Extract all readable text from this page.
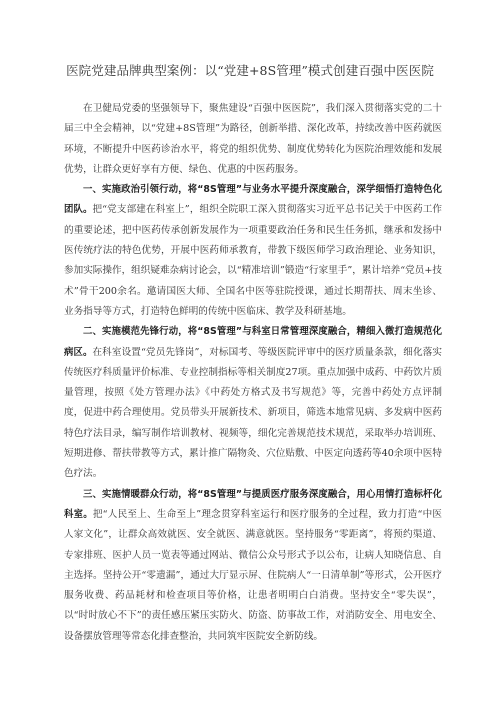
医院党建品牌典型案例：以“党建+8S管理”模式创建百强中医医院

在卫健局党委的坚强领导下，聚焦建设“百强中医医院”，我们深入贯彻落实党的二十届三中全会精神，以“党建+8S管理”为路径，创新举措、深化改革，持续改善中医药就医环境，不断提升中医药诊治水平，将党的组织优势、制度优势转化为医院治理效能和发展优势，让群众更好享有方便、绿色、优惠的中医药服务。

一、实施政治引领行动，将“8S管理”与业务水平提升深度融合，深学细悟打造特色化团队。把“党支部建在科室上”，组织全院职工深入贯彻落实习近平总书记关于中医药工作的重要论述，把中医药传承创新发展作为一项重要政治任务和民生任务抓，继承和发扬中医传统疗法的特色优势，开展中医药师承教育，带教下级医师学习政治理论、业务知识，参加实际操作，组织疑难杂病讨论会，以“精准培训”锻造“行家里手”，累计培养“党员+技术”骨干200余名。邀请国医大师、全国名中医等驻院授课，通过长期帮扶、周末坐诊、业务指导等方式，打造特色鲜明的传统中医临床、教学及科研基地。

二、实施模范先锋行动，将“8S管理”与科室日常管理深度融合，精细入微打造规范化病区。在科室设置“党员先锋岗”，对标国考、等级医院评审中的医疗质量条款，细化落实传统医疗科质量评价标准、专业控制指标等相关制度27项。重点加强中成药、中药饮片质量管理，按照《处方管理办法》《中药处方格式及书写规范》等，完善中药处方点评制度，促进中药合理使用。党员带头开展新技术、新项目，筛选本地常见病、多发病中医药特色疗法目录，编写制作培训教材、视频等，细化完善规范技术规范，采取举办培训班、短期进修、帮扶带教等方式，累计推广隔物灸、穴位贴敷、中医定向透药等40余项中医特色疗法。

三、实施情暖群众行动，将“8S管理”与提质医疗服务深度融合，用心用情打造标杆化科室。把“人民至上、生命至上”理念贯穿科室运行和医疗服务的全过程，致力打造“中医人家文化”，让群众高效就医、安全就医、满意就医。坚持服务“零距离”，将预约渠道、专家排班、医护人员一览表等通过网站、微信公众号形式予以公布，让病人知晓信息、自主选择。坚持公开“零遗漏”，通过大厅显示屏、住院病人“一日清单制”等形式，公开医疗服务收费、药品耗材和检查项目等价格，让患者明明白白消费。坚持安全“零失误”，以“时时放心不下”的责任感压紧压实防火、防盗、防事故工作，对消防安全、用电安全、设备摆放管理等常态化排查整治，共同筑牢医院安全新防线。
